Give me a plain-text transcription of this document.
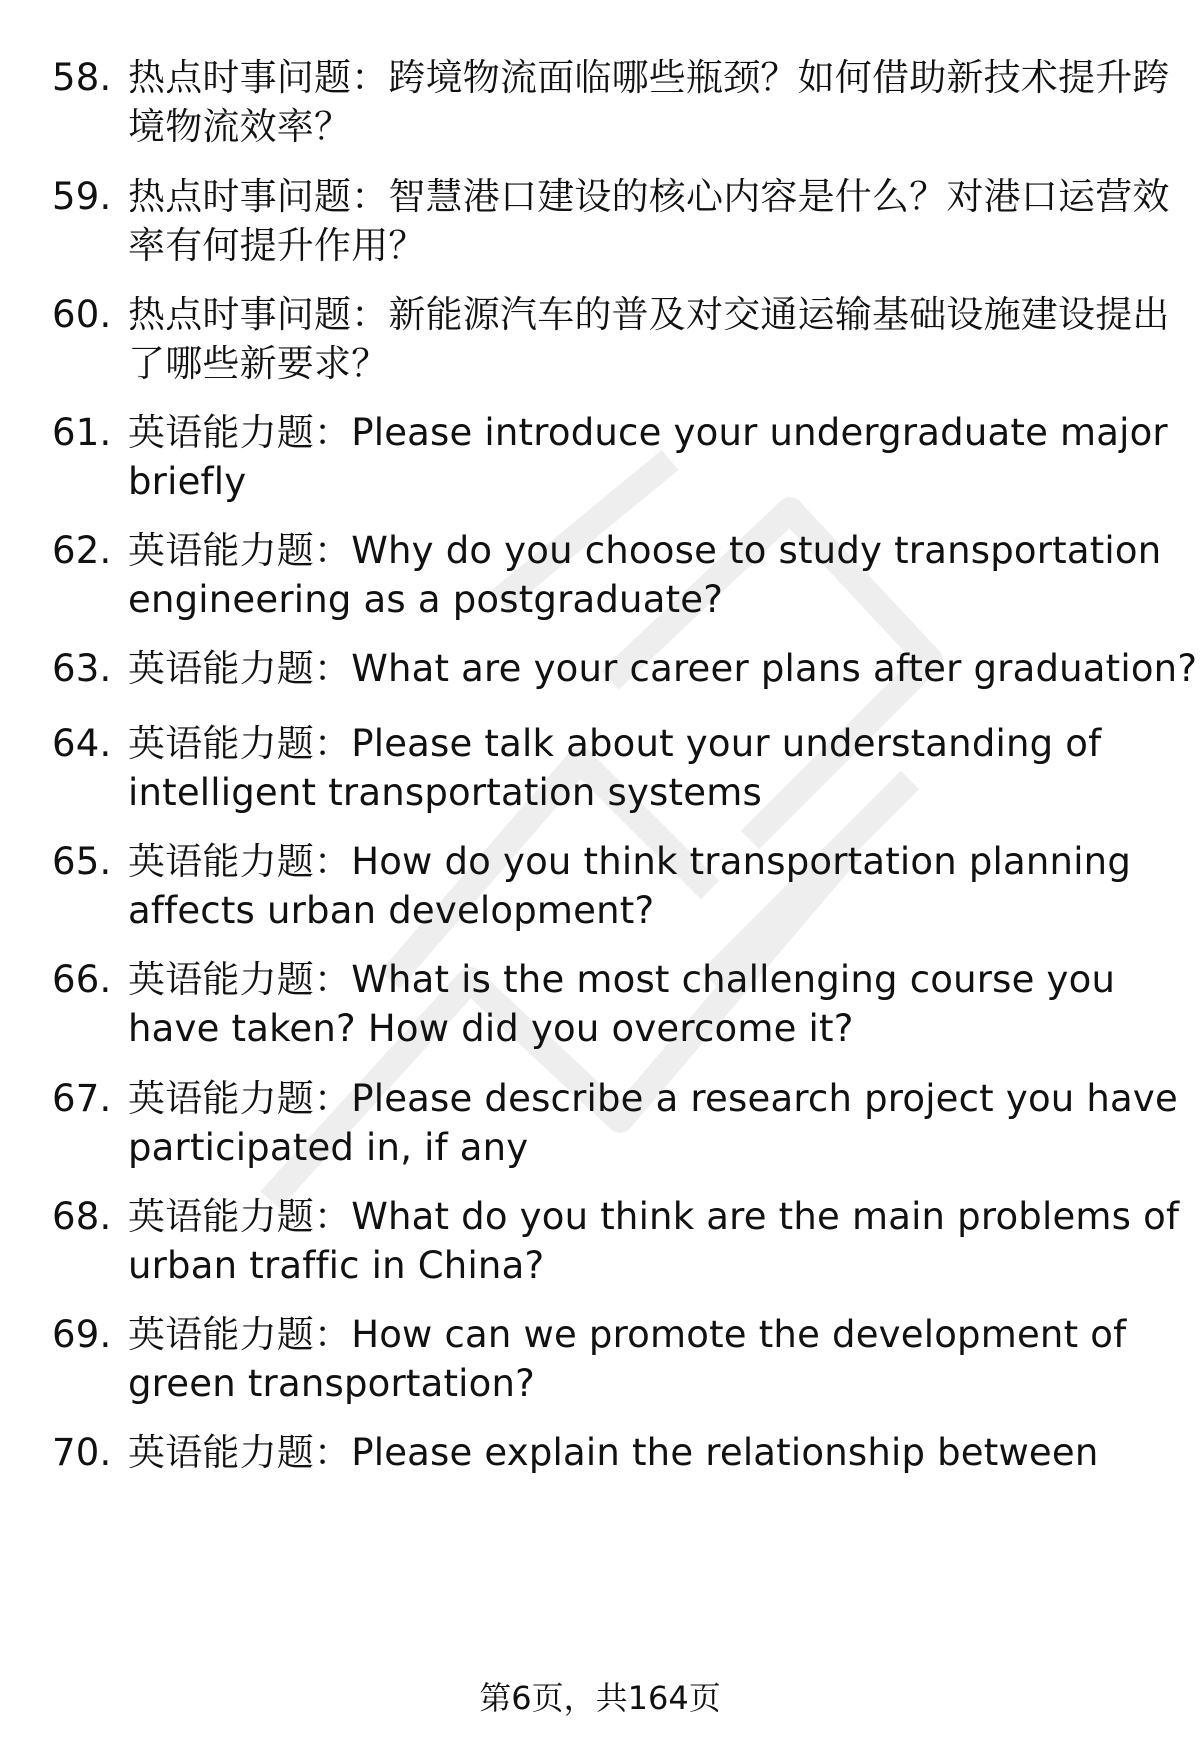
58. 热点时事问题：跨境物流面临哪些瓶颈？如何借助新技术提升跨境物流效率？
59. 热点时事问题：智慧港口建设的核心内容是什么？对港口运营效率有何提升作用？
60. 热点时事问题：新能源汽车的普及对交通运输基础设施建设提出了哪些新要求？
61. 英语能力题：Please introduce your undergraduate major briefly
62. 英语能力题：Why do you choose to study transportation engineering as a postgraduate?
63. 英语能力题：What are your career plans after graduation?
64. 英语能力题：Please talk about your understanding of intelligent transportation systems
65. 英语能力题：How do you think transportation planning affects urban development?
66. 英语能力题：What is the most challenging course you have taken? How did you overcome it?
67. 英语能力题：Please describe a research project you have participated in, if any
68. 英语能力题：What do you think are the main problems of urban traffic in China?
69. 英语能力题：How can we promote the development of green transportation?
70. 英语能力题：Please explain the relationship between
第6页，共164页
